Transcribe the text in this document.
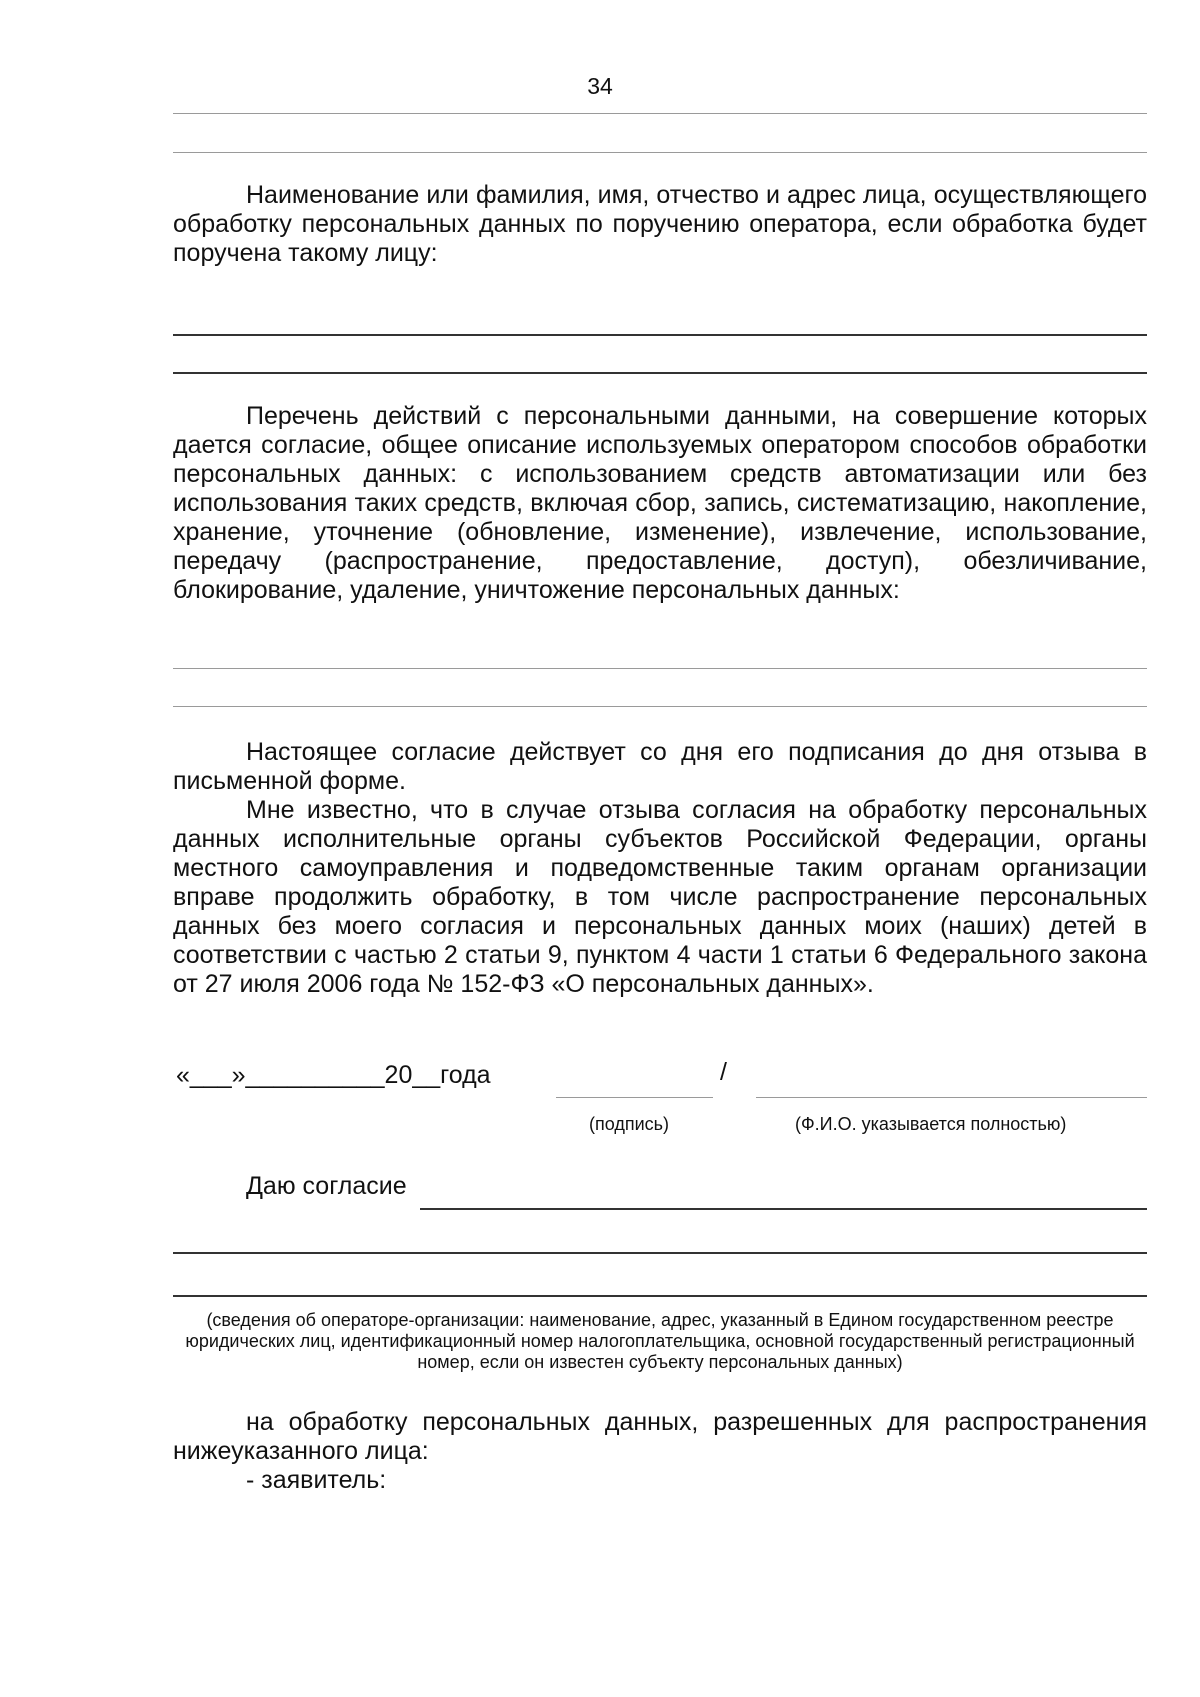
34

Наименование или фамилия, имя, отчество и адрес лица, осуществляющего обработку персональных данных по поручению оператора, если обработка будет поручена такому лицу:

Перечень действий с персональными данными, на совершение которых дается согласие, общее описание используемых оператором способов обработки персональных данных: с использованием средств автоматизации или без использования таких средств, включая сбор, запись, систематизацию, накопление, хранение, уточнение (обновление, изменение), извлечение, использование, передачу (распространение, предоставление, доступ), обезличивание, блокирование, удаление, уничтожение персональных данных:

Настоящее согласие действует со дня его подписания до дня отзыва в письменной форме.

Мне известно, что в случае отзыва согласия на обработку персональных данных исполнительные органы субъектов Российской Федерации, органы местного самоуправления и подведомственные таким органам организации вправе продолжить обработку, в том числе распространение персональных данных без моего согласия и персональных данных моих (наших) детей в соответствии с частью 2 статьи 9, пунктом 4 части 1 статьи 6 Федерального закона от 27 июля 2006 года № 152-ФЗ «О персональных данных».

«___»__________20__года	/
(подпись)	(Ф.И.О. указывается полностью)
Даю согласие
(сведения об операторе-организации: наименование, адрес, указанный в Едином государственном реестре юридических лиц, идентификационный номер налогоплательщика, основной государственный регистрационный номер, если он известен субъекту персональных данных)

на обработку персональных данных, разрешенных для распространения нижеуказанного лица:

- заявитель:
